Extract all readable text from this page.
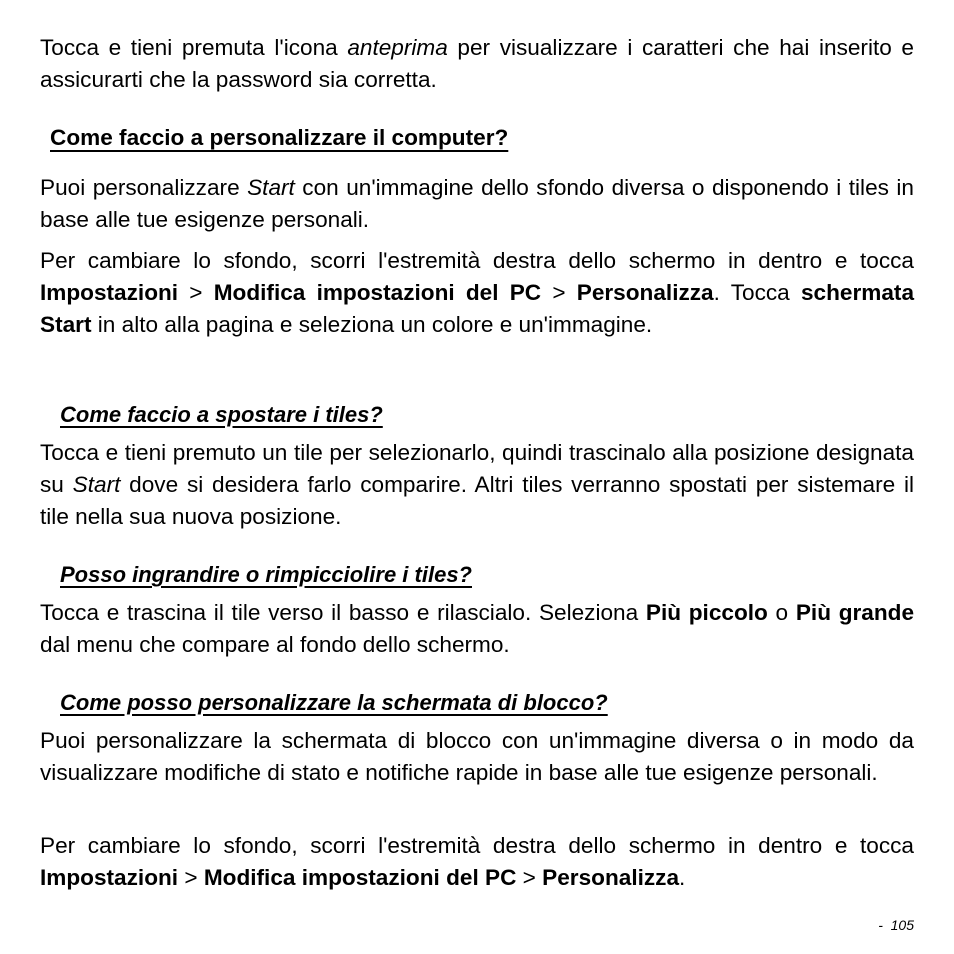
Tocca e tieni premuta l'icona anteprima per visualizzare i caratteri che hai inserito e assicurarti che la password sia corretta.

Come faccio a personalizzare il computer?

Puoi personalizzare Start con un'immagine dello sfondo diversa o disponendo i tiles in base alle tue esigenze personali.

Per cambiare lo sfondo, scorri l'estremità destra dello schermo in dentro e tocca Impostazioni > Modifica impostazioni del PC > Personalizza. Tocca schermata Start in alto alla pagina e seleziona un colore e un'immagine.

Come faccio a spostare i tiles?

Tocca e tieni premuto un tile per selezionarlo, quindi trascinalo alla posizione designata su Start dove si desidera farlo comparire. Altri tiles verranno spostati per sistemare il tile nella sua nuova posizione.

Posso ingrandire o rimpicciolire i tiles?

Tocca e trascina il tile verso il basso e rilascialo. Seleziona Più piccolo o Più grande dal menu che compare al fondo dello schermo.

Come posso personalizzare la schermata di blocco?

Puoi personalizzare la schermata di blocco con un'immagine diversa o in modo da visualizzare modifiche di stato e notifiche rapide in base alle tue esigenze personali.

Per cambiare lo sfondo, scorri l'estremità destra dello schermo in dentro e tocca Impostazioni > Modifica impostazioni del PC > Personalizza.

-  105
